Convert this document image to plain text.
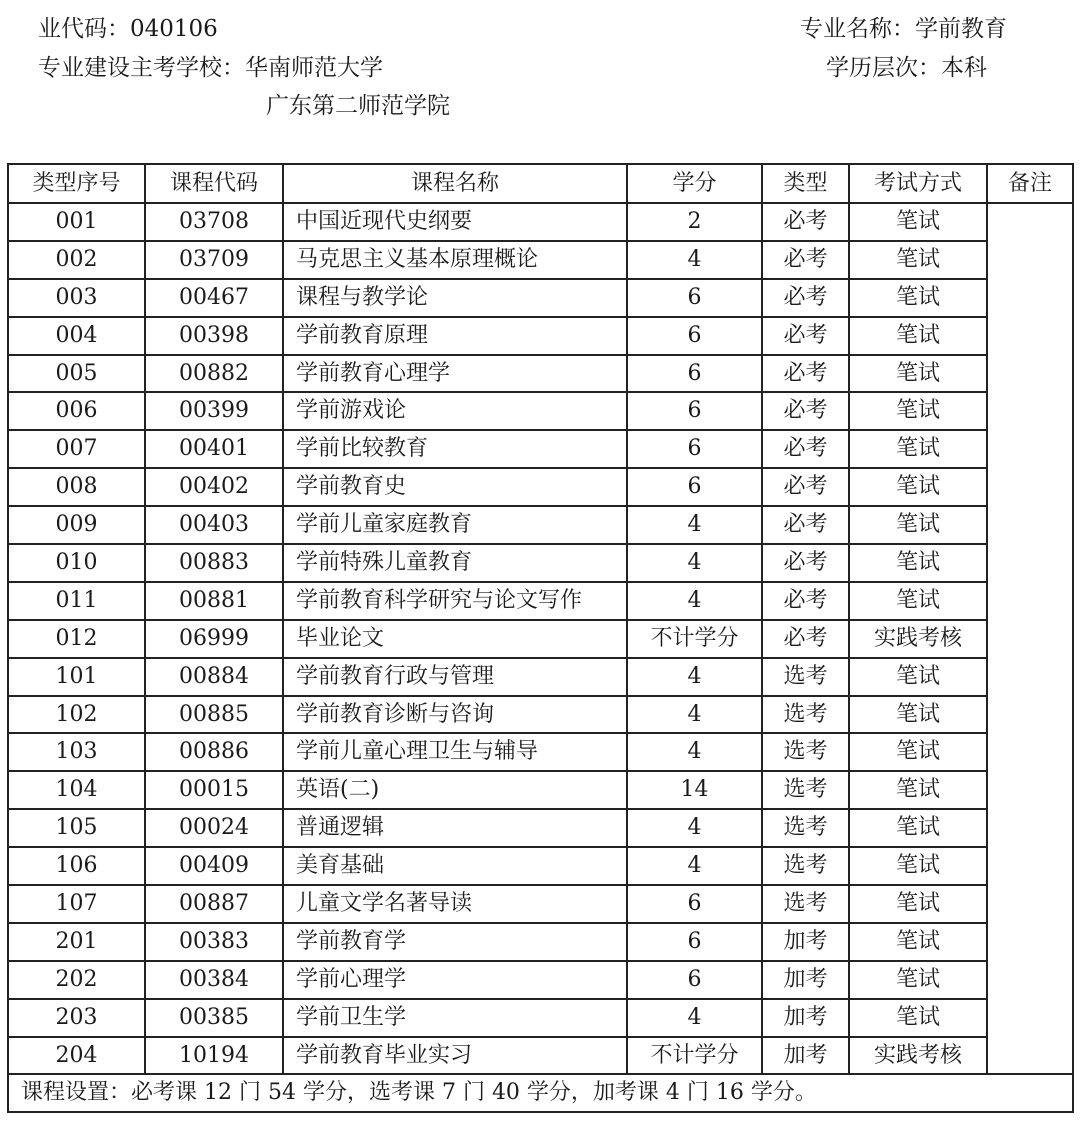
业代码：040106	专业名称：学前教育
专业建设主考学校：华南师范大学	学历层次：本科
广东第二师范学院
类型序号	课程代码	课程名称	学分	类型	考试方式	备注
001	03708	中国近现代史纲要	2	必考	笔试	
002	03709	马克思主义基本原理概论	4	必考	笔试	
003	00467	课程与教学论	6	必考	笔试	
004	00398	学前教育原理	6	必考	笔试	
005	00882	学前教育心理学	6	必考	笔试	
006	00399	学前游戏论	6	必考	笔试	
007	00401	学前比较教育	6	必考	笔试	
008	00402	学前教育史	6	必考	笔试	
009	00403	学前儿童家庭教育	4	必考	笔试	
010	00883	学前特殊儿童教育	4	必考	笔试	
011	00881	学前教育科学研究与论文写作	4	必考	笔试	
012	06999	毕业论文	不计学分	必考	实践考核	
101	00884	学前教育行政与管理	4	选考	笔试	
102	00885	学前教育诊断与咨询	4	选考	笔试	
103	00886	学前儿童心理卫生与辅导	4	选考	笔试	
104	00015	英语(二)	14	选考	笔试	
105	00024	普通逻辑	4	选考	笔试	
106	00409	美育基础	4	选考	笔试	
107	00887	儿童文学名著导读	6	选考	笔试	
201	00383	学前教育学	6	加考	笔试	
202	00384	学前心理学	6	加考	笔试	
203	00385	学前卫生学	4	加考	笔试	
204	10194	学前教育毕业实习	不计学分	加考	实践考核	
课程设置：必考课 12 门 54 学分，选考课 7 门 40 学分，加考课 4 门 16 学分。						
